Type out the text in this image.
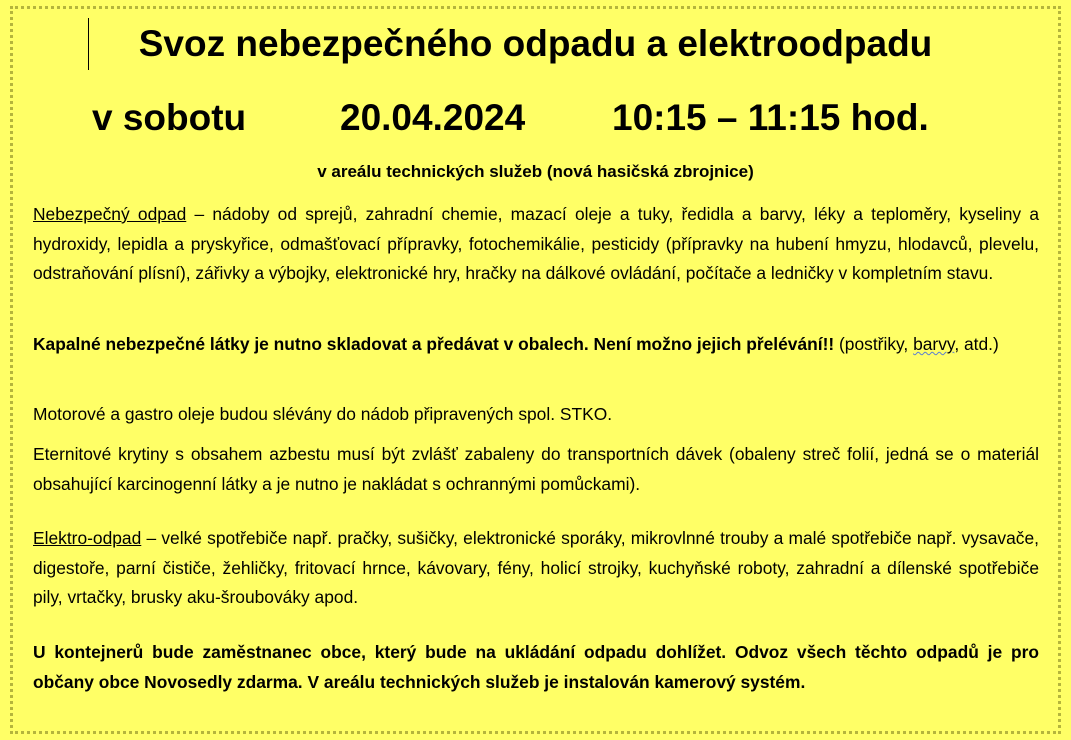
Svoz nebezpečného odpadu a elektroodpadu
v sobotu	20.04.2024 10:15 – 11:15 hod.
v areálu technických služeb (nová hasičská zbrojnice)
Nebezpečný odpad – nádoby od sprejů, zahradní chemie, mazací oleje a tuky, ředidla a barvy, léky a teploměry, kyseliny a hydroxidy, lepidla a pryskyřice, odmašťovací přípravky, fotochemikálie, pesticidy (přípravky na hubení hmyzu, hlodavců, plevelu, odstraňování plísní), zářivky a výbojky, elektronické hry, hračky na dálkové ovládání, počítače a ledničky v kompletním stavu.
Kapalné nebezpečné látky je nutno skladovat a předávat v obalech. Není možno jejich přelévání!! (postřiky, barvy, atd.)
Motorové a gastro oleje budou slévány do nádob připravených spol. STKO.
Eternitové krytiny s obsahem azbestu musí být zvlášť zabaleny do transportních dávek (obaleny streč folií, jedná se o materiál obsahující karcinogenní látky a je nutno je nakládat s ochrannými pomůckami).
Elektro-odpad – velké spotřebiče např. pračky, sušičky, elektronické sporáky, mikrovlnné trouby a malé spotřebiče např. vysavače, digestoře, parní čističe, žehličky, fritovací hrnce, kávovary, fény, holicí strojky, kuchyňské roboty, zahradní a dílenské spotřebiče pily, vrtačky, brusky aku-šroubováky apod.
U kontejnerů bude zaměstnanec obce, který bude na ukládání odpadu dohlížet. Odvoz všech těchto odpadů je pro občany obce Novosedly zdarma. V areálu technických služeb je instalován kamerový systém.
